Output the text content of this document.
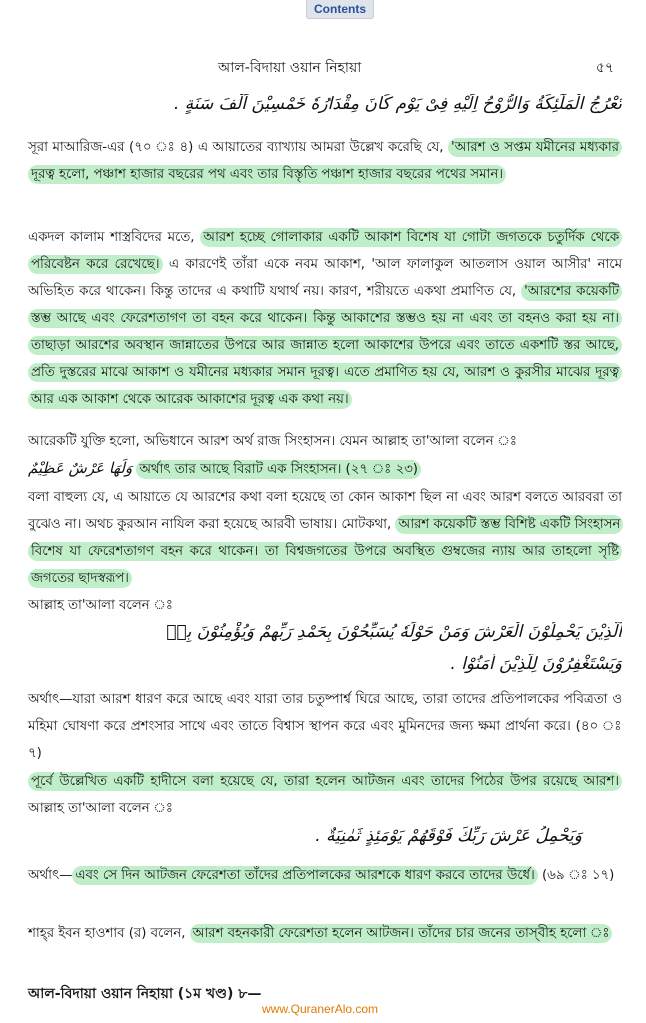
Contents
আল-বিদায়া ওয়ান নিহায়া	৫৭
تَعْرُجُ الْمَلٰٓئِكَةُ وَالرُّوْحُ اِلَيْهِ فِىْ يَوْمٍ كَانَ مِقْدَارُهٗ خَمْسِيْنَ اَلْفَ سَنَةٍ .
সূরা মাআরিজ-এর (৭০ ঃ ৪) এ আয়াতের ব্যাখ্যায় আমরা উল্লেখ করেছি যে, 'আরশ ও সপ্তম যমীনের মধ্যকার দূরত্ব হলো, পঞ্চাশ হাজার বছরের পথ এবং তার বিস্তৃতি পঞ্চাশ হাজার বছরের পথের সমান।
একদল কালাম শাস্ত্রবিদের মতে, আরশ হচ্ছে গোলাকার একটি আকাশ বিশেষ যা গোটা জগতকে চতুর্দিক থেকে পরিবেষ্টন করে রেখেছে। এ কারণেই তাঁরা একে নবম আকাশ, 'আল ফালাকুল আতলাস ওয়াল আসীর' নামে অভিহিত করে থাকেন। কিন্তু তাদের এ কথাটি যথার্থ নয়। কারণ, শরীয়তে একথা প্রমাণিত যে, 'আরশের কয়েকটি স্তম্ভ আছে এবং ফেরেশতাগণ তা বহন করে থাকেন। কিন্তু আকাশের স্তম্ভও হয় না এবং তা বহনও করা হয় না। তাছাড়া আরশের অবস্থান জান্নাতের উপরে আর জান্নাত হলো আকাশের উপরে এবং তাতে একশটি স্তর আছে, প্রতি দুস্তরের মাঝে আকাশ ও যমীনের মধ্যকার সমান দূরত্ব। এতে প্রমাণিত হয় যে, আরশ ও কুরসীর মাঝের দূরত্ব আর এক আকাশ থেকে আরেক আকাশের দূরত্ব এক কথা নয়।
আরেকটি যুক্তি হলো, অভিধানে আরশ অর্থ রাজ সিংহাসন। যেমন আল্লাহ তা'আলা বলেন ঃ
وَلَهَا عَرْشٌ عَظِيْمٌ অর্থাৎ তার আছে বিরাট এক সিংহাসন। (২৭ ঃ ২৩)
বলা বাহুল্য যে, এ আয়াতে যে আরশের কথা বলা হয়েছে তা কোন আকাশ ছিল না এবং আরশ বলতে আরবরা তা বুঝেও না। অথচ কুরআন নাযিল করা হয়েছে আরবী ভাষায়। মোটকথা, আরশ কয়েকটি স্তম্ভ বিশিষ্ট একটি সিংহাসন বিশেষ যা ফেরেশতাগণ বহন করে থাকেন। তা বিশ্বজগতের উপরে অবস্থিত গুম্বজের ন্যায় আর তাহলো সৃষ্টি জগতের ছাদস্বরূপ।
আল্লাহ তা'আলা বলেন ঃ
اَلَّذِيْنَ يَحْمِلُوْنَ الْعَرْشَ وَمَنْ حَوْلَهٗ يُسَبِّحُوْنَ بِحَمْدِ رَبِّهِمْ وَيُؤْمِنُوْنَ بِهٖ
وَيَسْتَغْفِرُوْنَ لِلَّذِيْنَ اٰمَنُوْا .
অর্থাৎ—যারা আরশ ধারণ করে আছে এবং যারা তার চতুষ্পার্শ্ব ঘিরে আছে, তারা তাদের প্রতিপালকের পবিত্রতা ও মহিমা ঘোষণা করে প্রশংসার সাথে এবং তাতে বিশ্বাস স্থাপন করে এবং মুমিনদের জন্য ক্ষমা প্রার্থনা করে। (৪০ ঃ ৭)
পূর্বে উল্লেখিত একটি হাদীসে বলা হয়েছে যে, তারা হলেন আটজন এবং তাদের পিঠের উপর রয়েছে আরশ। আল্লাহ তা'আলা বলেন ঃ
وَيَحْمِلُ عَرْشَ رَبِّكَ فَوْقَهُمْ يَوْمَئِذٍ ثَمٰنِيَةٌ .
অর্থাৎ— এবং সে দিন আটজন ফেরেশতা তাঁদের প্রতিপালকের আরশকে ধারণ করবে তাদের উর্ধে। (৬৯ ঃ ১৭)
শাহ্‌র ইবন হাওশাব (র) বলেন, আরশ বহনকারী ফেরেশতা হলেন আটজন। তাঁদের চার জনের তাস্‌বীহ হলো ঃ
আল-বিদায়া ওয়ান নিহায়া (১ম খণ্ড) ৮—
www.QuranerAlo.com
